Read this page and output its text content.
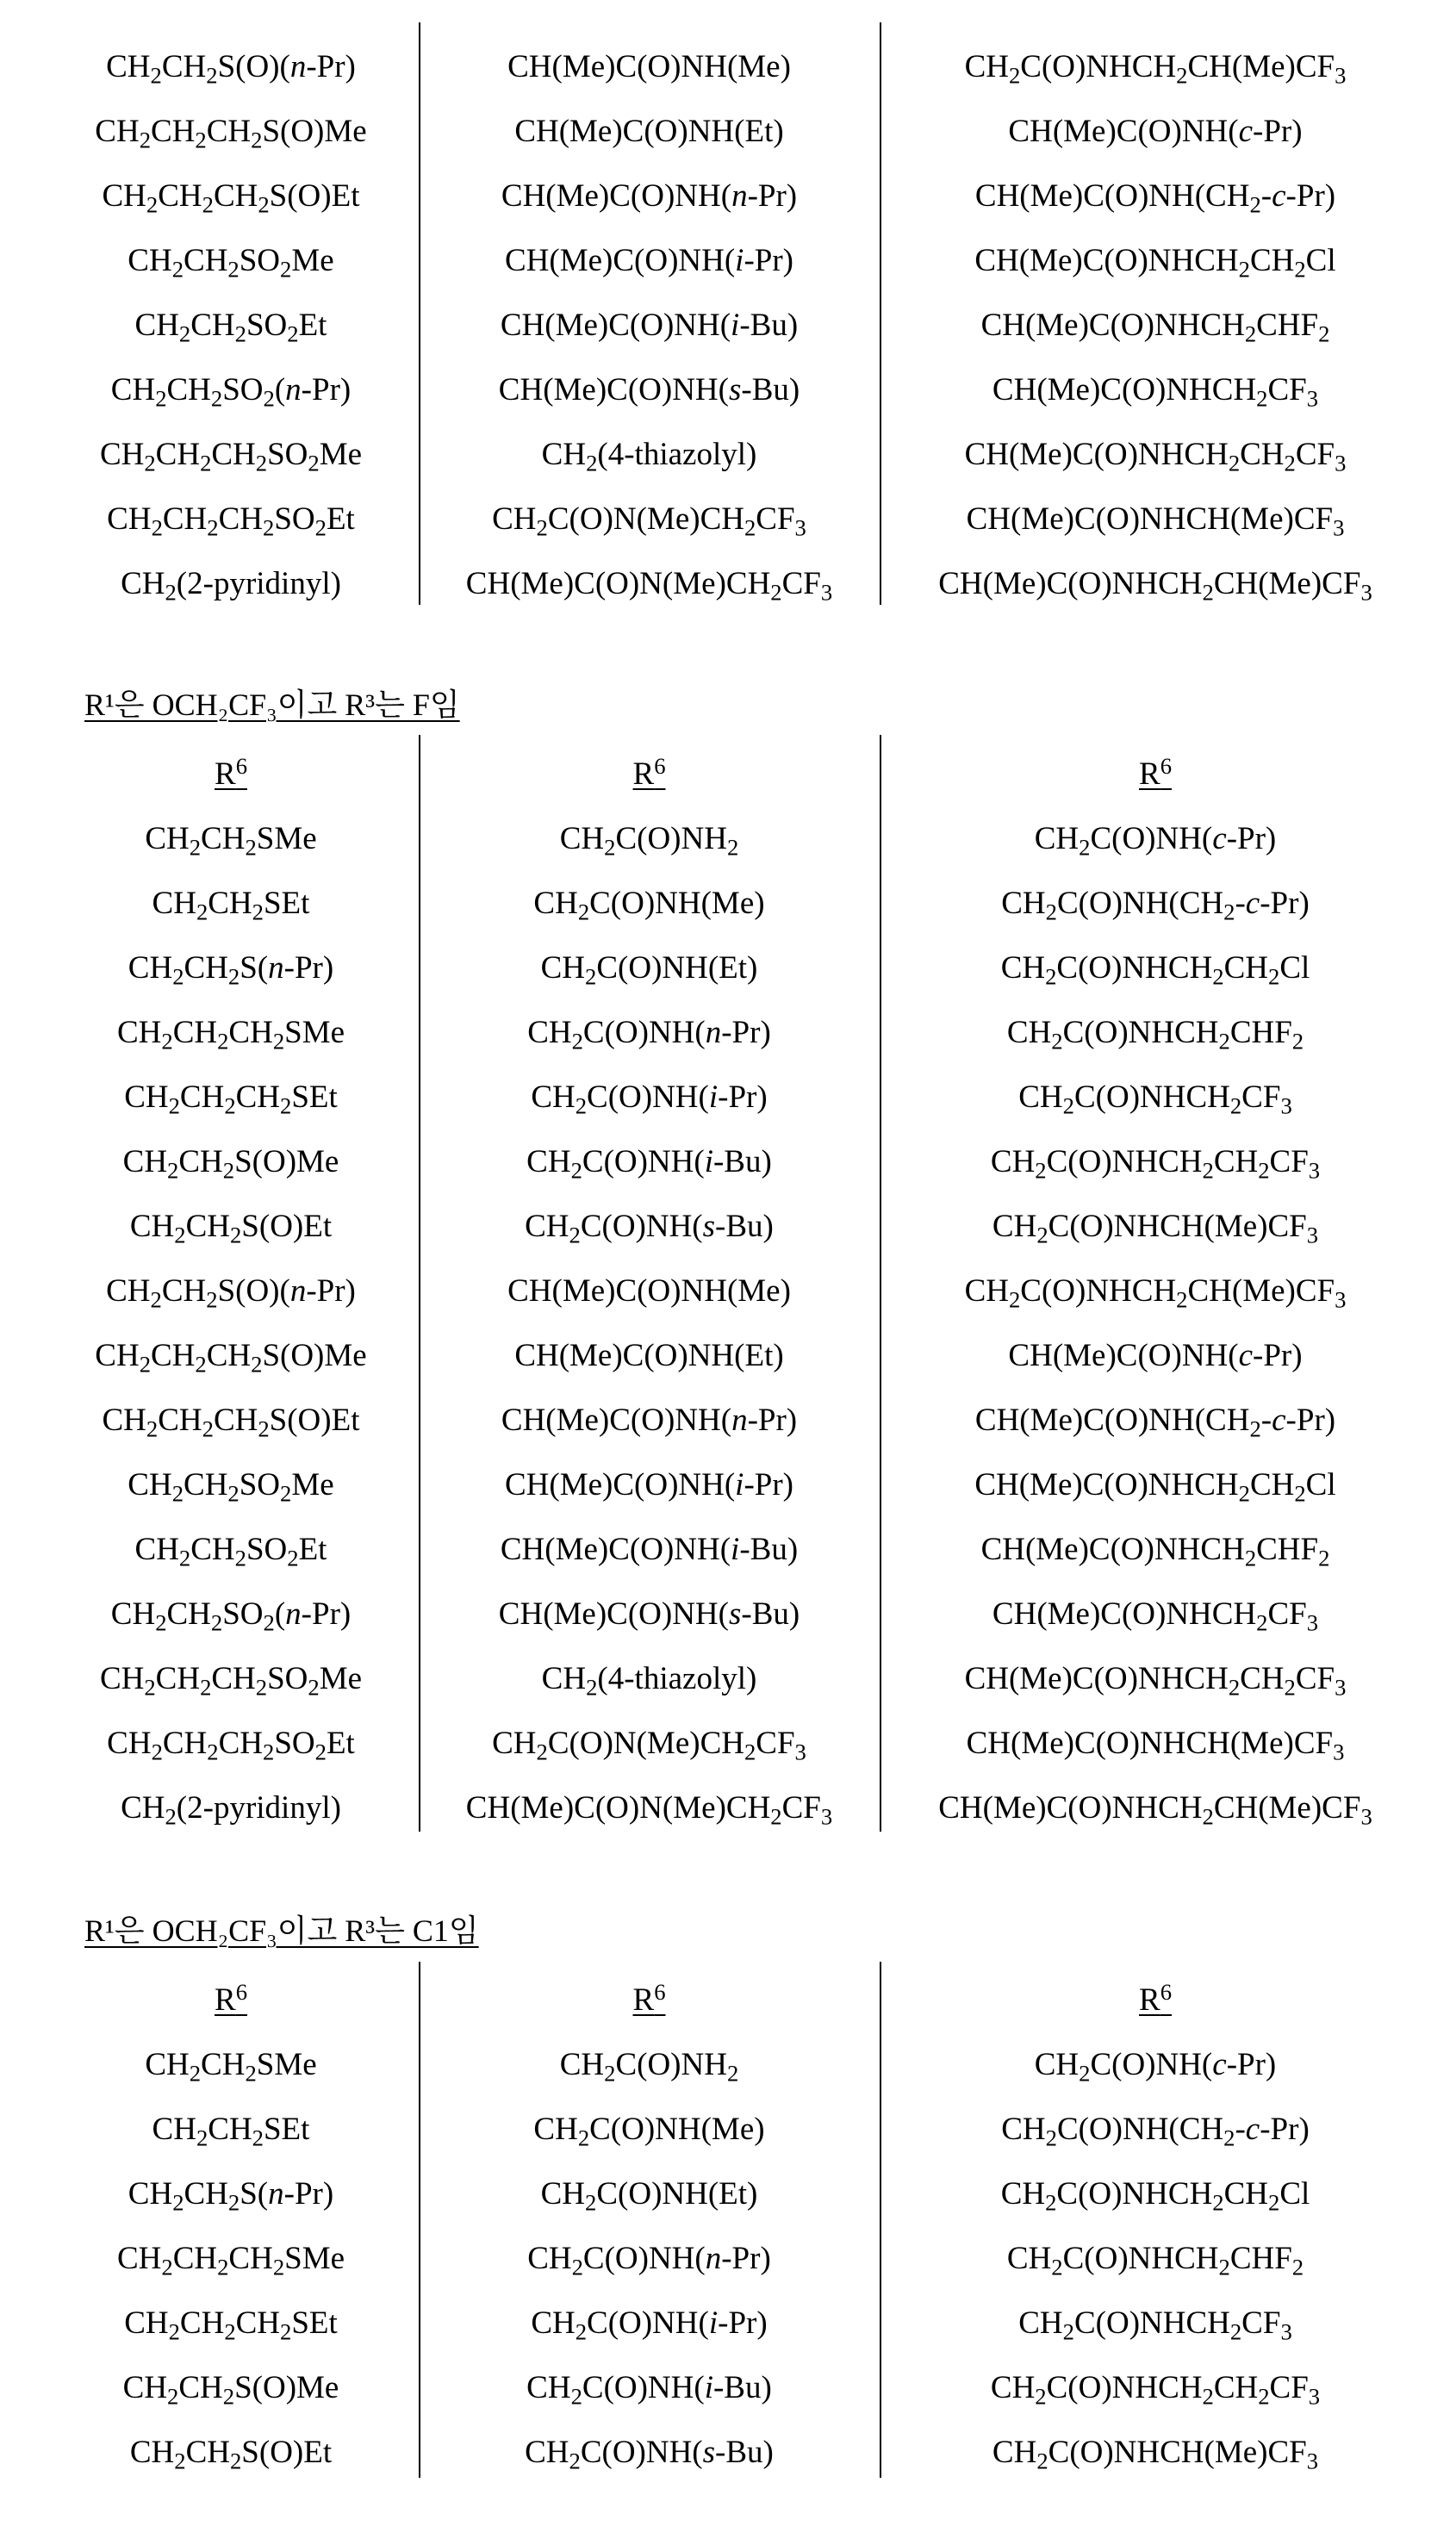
CH2CH2S(O)(n-Pr)
CH2CH2CH2S(O)Me
CH2CH2CH2S(O)Et
CH2CH2SO2Me
CH2CH2SO2Et
CH2CH2SO2(n-Pr)
CH2CH2CH2SO2Me
CH2CH2CH2SO2Et
CH2(2-pyridinyl)
CH(Me)C(O)NH(Me)
CH(Me)C(O)NH(Et)
CH(Me)C(O)NH(n-Pr)
CH(Me)C(O)NH(i-Pr)
CH(Me)C(O)NH(i-Bu)
CH(Me)C(O)NH(s-Bu)
CH2(4-thiazolyl)
CH2C(O)N(Me)CH2CF3
CH(Me)C(O)N(Me)CH2CF3
CH2C(O)NHCH2CH(Me)CF3
CH(Me)C(O)NH(c-Pr)
CH(Me)C(O)NH(CH2-c-Pr)
CH(Me)C(O)NHCH2CH2Cl
CH(Me)C(O)NHCH2CHF2
CH(Me)C(O)NHCH2CF3
CH(Me)C(O)NHCH2CH2CF3
CH(Me)C(O)NHCH(Me)CF3
CH(Me)C(O)NHCH2CH(Me)CF3
R¹은 OCH₂CF₃이고 R³는 F임
R6
CH2CH2SMe
CH2CH2SEt
CH2CH2S(n-Pr)
CH2CH2CH2SMe
CH2CH2CH2SEt
CH2CH2S(O)Me
CH2CH2S(O)Et
CH2CH2S(O)(n-Pr)
CH2CH2CH2S(O)Me
CH2CH2CH2S(O)Et
CH2CH2SO2Me
CH2CH2SO2Et
CH2CH2SO2(n-Pr)
CH2CH2CH2SO2Me
CH2CH2CH2SO2Et
CH2(2-pyridinyl)
R6
CH2C(O)NH2
CH2C(O)NH(Me)
CH2C(O)NH(Et)
CH2C(O)NH(n-Pr)
CH2C(O)NH(i-Pr)
CH2C(O)NH(i-Bu)
CH2C(O)NH(s-Bu)
CH(Me)C(O)NH(Me)
CH(Me)C(O)NH(Et)
CH(Me)C(O)NH(n-Pr)
CH(Me)C(O)NH(i-Pr)
CH(Me)C(O)NH(i-Bu)
CH(Me)C(O)NH(s-Bu)
CH2(4-thiazolyl)
CH2C(O)N(Me)CH2CF3
CH(Me)C(O)N(Me)CH2CF3
R6
CH2C(O)NH(c-Pr)
CH2C(O)NH(CH2-c-Pr)
CH2C(O)NHCH2CH2Cl
CH2C(O)NHCH2CHF2
CH2C(O)NHCH2CF3
CH2C(O)NHCH2CH2CF3
CH2C(O)NHCH(Me)CF3
CH2C(O)NHCH2CH(Me)CF3
CH(Me)C(O)NH(c-Pr)
CH(Me)C(O)NH(CH2-c-Pr)
CH(Me)C(O)NHCH2CH2Cl
CH(Me)C(O)NHCH2CHF2
CH(Me)C(O)NHCH2CF3
CH(Me)C(O)NHCH2CH2CF3
CH(Me)C(O)NHCH(Me)CF3
CH(Me)C(O)NHCH2CH(Me)CF3
R¹은 OCH₂CF₃이고 R³는 C1임
R6
CH2CH2SMe
CH2CH2SEt
CH2CH2S(n-Pr)
CH2CH2CH2SMe
CH2CH2CH2SEt
CH2CH2S(O)Me
CH2CH2S(O)Et
R6
CH2C(O)NH2
CH2C(O)NH(Me)
CH2C(O)NH(Et)
CH2C(O)NH(n-Pr)
CH2C(O)NH(i-Pr)
CH2C(O)NH(i-Bu)
CH2C(O)NH(s-Bu)
R6
CH2C(O)NH(c-Pr)
CH2C(O)NH(CH2-c-Pr)
CH2C(O)NHCH2CH2Cl
CH2C(O)NHCH2CHF2
CH2C(O)NHCH2CF3
CH2C(O)NHCH2CH2CF3
CH2C(O)NHCH(Me)CF3
